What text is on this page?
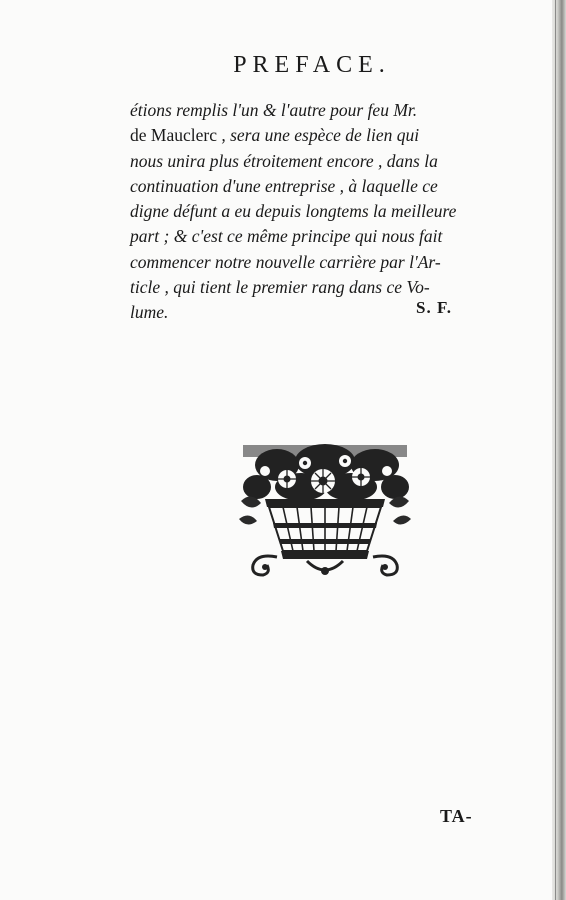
PREFACE.

étions remplis l'un & l'autre pour feu Mr.
de Mauclerc , sera une espèce de lien qui
nous unira plus étroitement encore , dans la
continuation d'une entreprise , à laquelle ce
digne défunt a eu depuis longtems la meilleure
part ; & c'est ce même principe qui nous fait
commencer notre nouvelle carrière par l'Ar-
ticle , qui tient le premier rang dans ce Vo-
lume.	S. F.
TA-
